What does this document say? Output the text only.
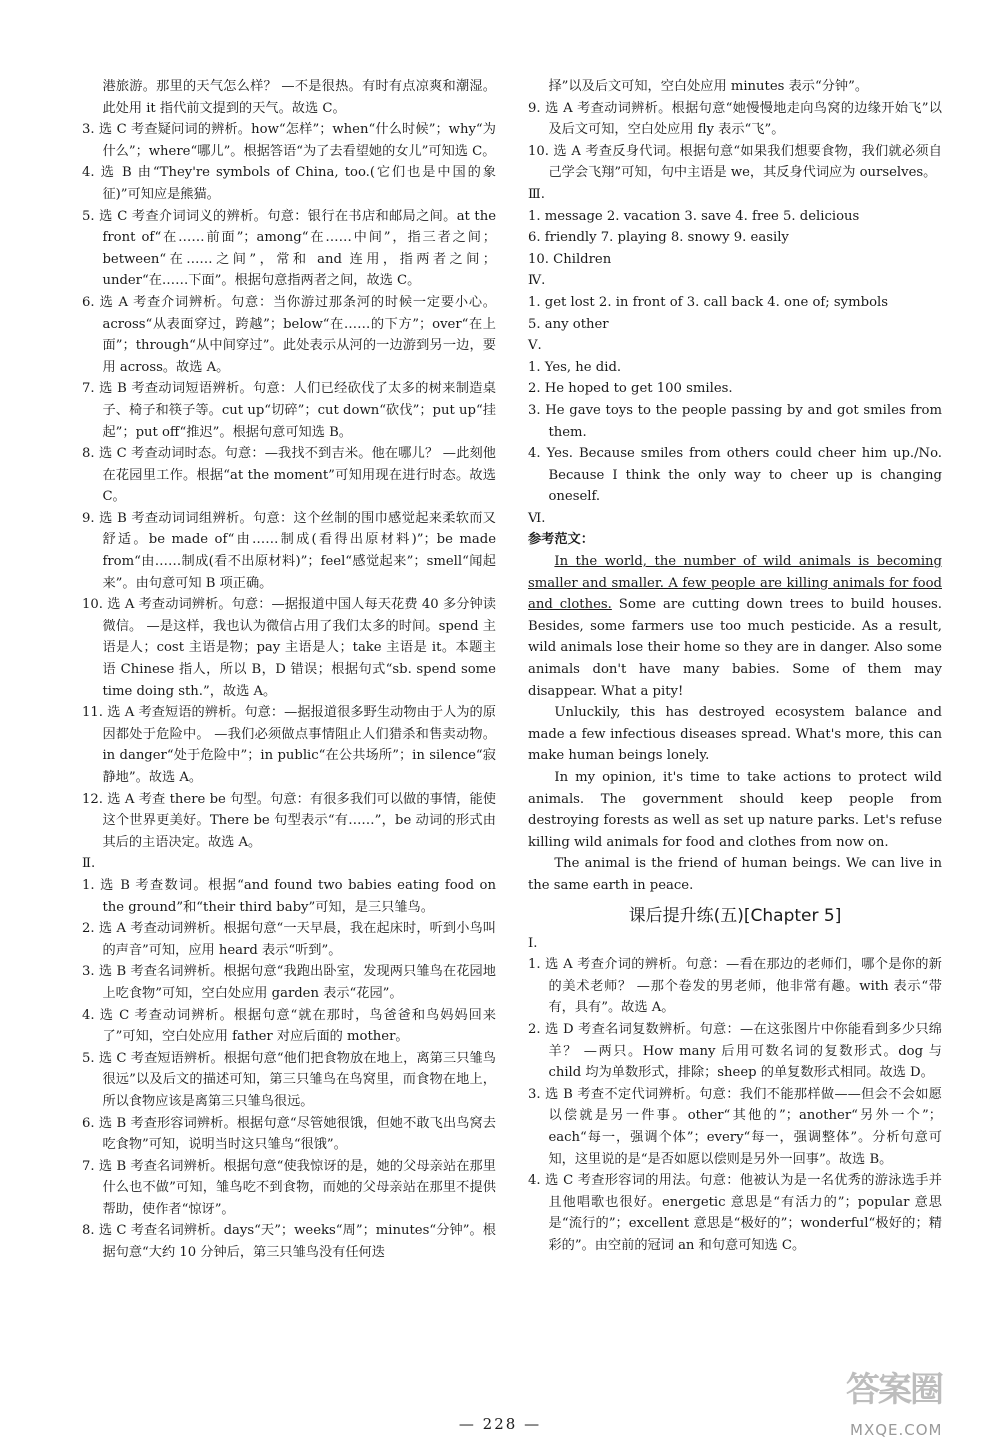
港旅游。那里的天气怎么样？ —不是很热。有时有点凉爽和潮湿。此处用 it 指代前文提到的天气。故选 C。

3. 选 C 考查疑问词的辨析。how“怎样”；when“什么时候”；why“为什么”；where“哪儿”。根据答语“为了去看望她的女儿”可知选 C。

4. 选 B 由“They're symbols of China, too.(它们也是中国的象征)”可知应是熊猫。

5. 选 C 考查介词词义的辨析。句意：银行在书店和邮局之间。at the front of“在……前面”；among“在……中间”，指三者之间；between“在……之间”，常和 and 连用，指两者之间；under“在……下面”。根据句意指两者之间，故选 C。

6. 选 A 考查介词辨析。句意：当你游过那条河的时候一定要小心。across“从表面穿过，跨越”；below“在……的下方”；over“在上面”；through“从中间穿过”。此处表示从河的一边游到另一边，要用 across。故选 A。

7. 选 B 考查动词短语辨析。句意：人们已经砍伐了太多的树来制造桌子、椅子和筷子等。cut up“切碎”；cut down“砍伐”；put up“挂起”；put off“推迟”。根据句意可知选 B。

8. 选 C 考查动词时态。句意：—我找不到吉米。他在哪儿？ —此刻他在花园里工作。根据“at the moment”可知用现在进行时态。故选 C。

9. 选 B 考查动词词组辨析。句意：这个丝制的围巾感觉起来柔软而又舒适。be made of“由……制成(看得出原材料)”；be made from“由……制成(看不出原材料)”；feel“感觉起来”；smell“闻起来”。由句意可知 B 项正确。

10. 选 A 考查动词辨析。句意：—据报道中国人每天花费 40 多分钟读微信。 —是这样，我也认为微信占用了我们太多的时间。spend 主语是人；cost 主语是物；pay 主语是人；take 主语是 it。本题主语 Chinese 指人，所以 B，D 错误；根据句式“sb. spend some time doing sth.”，故选 A。

11. 选 A 考查短语的辨析。句意：—据报道很多野生动物由于人为的原因都处于危险中。 —我们必须做点事情阻止人们猎杀和售卖动物。in danger“处于危险中”；in public“在公共场所”；in silence“寂静地”。故选 A。

12. 选 A 考查 there be 句型。句意：有很多我们可以做的事情，能使这个世界更美好。There be 句型表示“有……”，be 动词的形式由其后的主语决定。故选 A。

Ⅱ.

1. 选 B 考查数词。根据“and found two babies eating food on the ground”和“their third baby”可知，是三只雏鸟。

2. 选 A 考查动词辨析。根据句意“一天早晨，我在起床时，听到小鸟叫的声音”可知，应用 heard 表示“听到”。

3. 选 B 考查名词辨析。根据句意“我跑出卧室，发现两只雏鸟在花园地上吃食物”可知，空白处应用 garden 表示“花园”。

4. 选 C 考查动词辨析。根据句意“就在那时，鸟爸爸和鸟妈妈回来了”可知，空白处应用 father 对应后面的 mother。

5. 选 C 考查短语辨析。根据句意“他们把食物放在地上，离第三只雏鸟很远”以及后文的描述可知，第三只雏鸟在鸟窝里，而食物在地上，所以食物应该是离第三只雏鸟很远。

6. 选 B 考查形容词辨析。根据句意“尽管她很饿，但她不敢飞出鸟窝去吃食物”可知，说明当时这只雏鸟“很饿”。

7. 选 B 考查名词辨析。根据句意“使我惊讶的是，她的父母亲站在那里什么也不做”可知，雏鸟吃不到食物，而她的父母亲站在那里不提供帮助，使作者“惊讶”。

8. 选 C 考查名词辨析。days“天”；weeks“周”；minutes“分钟”。根据句意“大约 10 分钟后，第三只雏鸟没有任何迭

择”以及后文可知，空白处应用 minutes 表示“分钟”。

9. 选 A 考查动词辨析。根据句意“她慢慢地走向鸟窝的边缘开始飞”以及后文可知，空白处应用 fly 表示“飞”。

10. 选 A 考查反身代词。根据句意“如果我们想要食物，我们就必须自己学会飞翔”可知，句中主语是 we，其反身代词应为 ourselves。

Ⅲ.

1. message 2. vacation 3. save 4. free 5. delicious

6. friendly 7. playing 8. snowy 9. easily

10. Children

Ⅳ.

1. get lost 2. in front of 3. call back 4. one of; symbols

5. any other

Ⅴ.

1. Yes, he did.

2. He hoped to get 100 smiles.

3. He gave toys to the people passing by and got smiles from them.

4. Yes. Because smiles from others could cheer him up./No. Because I think the only way to cheer up is changing oneself.

Ⅵ.

参考范文：

In the world, the number of wild animals is becoming smaller and smaller. A few people are killing animals for food and clothes. Some are cutting down trees to build houses. Besides, some farmers use too much pesticide. As a result, wild animals lose their home so they are in danger. Also some animals don't have many babies. Some of them may disappear. What a pity!

Unluckily, this has destroyed ecosystem balance and made a few infectious diseases spread. What's more, this can make human beings lonely.

In my opinion, it's time to take actions to protect wild animals. The government should keep people from destroying forests as well as set up nature parks. Let's refuse killing wild animals for food and clothes from now on.

The animal is the friend of human beings. We can live in the same earth in peace.

课后提升练(五)[Chapter 5]

Ⅰ.

1. 选 A 考查介词的辨析。句意：—看在那边的老师们，哪个是你的新的美术老师？ —那个卷发的男老师，他非常有趣。with 表示“带有，具有”。故选 A。

2. 选 D 考查名词复数辨析。句意：—在这张图片中你能看到多少只绵羊？ —两只。How many 后用可数名词的复数形式。dog 与 child 均为单数形式，排除；sheep 的单复数形式相同。故选 D。

3. 选 B 考查不定代词辨析。句意：我们不能那样做——但会不会如愿以偿就是另一件事。other“其他的”；another“另外一个”；each“每一，强调个体”；every“每一，强调整体”。分析句意可知，这里说的是“是否如愿以偿则是另外一回事”。故选 B。

4. 选 C 考查形容词的用法。句意：他被认为是一名优秀的游泳选手并且他唱歌也很好。energetic 意思是“有活力的”；popular 意思是“流行的”；excellent 意思是“极好的”；wonderful“极好的；精彩的”。由空前的冠词 an 和句意可知选 C。

— 228 —
答案圈
MXQE.COM
